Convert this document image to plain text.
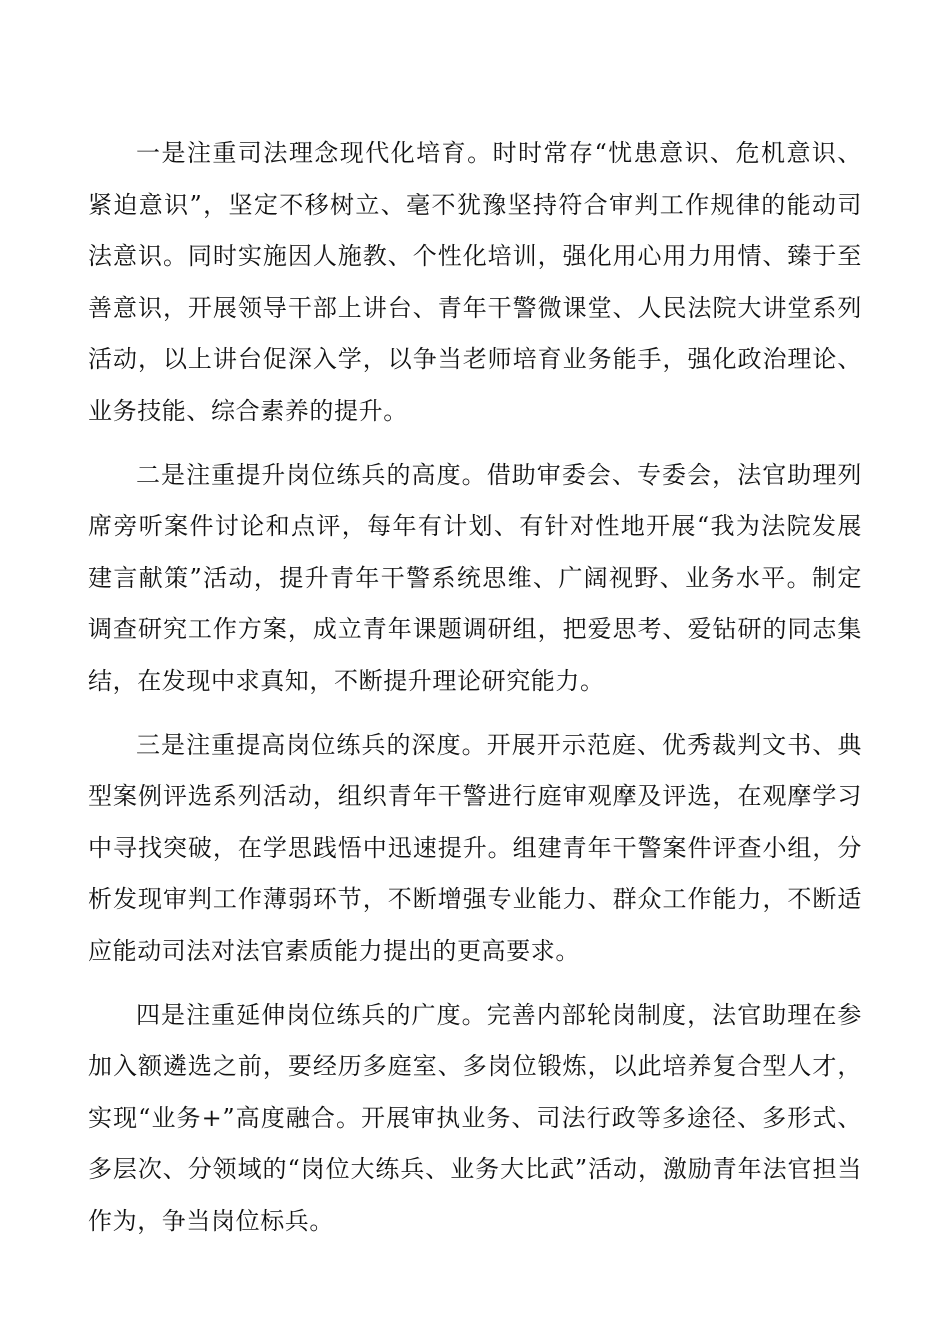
一是注重司法理念现代化培育。时时常存“忧患意识、危机意识、紧迫意识”，坚定不移树立、毫不犹豫坚持符合审判工作规律的能动司法意识。同时实施因人施教、个性化培训，强化用心用力用情、臻于至善意识，开展领导干部上讲台、青年干警微课堂、人民法院大讲堂系列活动，以上讲台促深入学，以争当老师培育业务能手，强化政治理论、业务技能、综合素养的提升。

二是注重提升岗位练兵的高度。借助审委会、专委会，法官助理列席旁听案件讨论和点评，每年有计划、有针对性地开展“我为法院发展建言献策”活动，提升青年干警系统思维、广阔视野、业务水平。制定调查研究工作方案，成立青年课题调研组，把爱思考、爱钻研的同志集结，在发现中求真知，不断提升理论研究能力。

三是注重提高岗位练兵的深度。开展开示范庭、优秀裁判文书、典型案例评选系列活动，组织青年干警进行庭审观摩及评选，在观摩学习中寻找突破，在学思践悟中迅速提升。组建青年干警案件评查小组，分析发现审判工作薄弱环节，不断增强专业能力、群众工作能力，不断适应能动司法对法官素质能力提出的更高要求。

四是注重延伸岗位练兵的广度。完善内部轮岗制度，法官助理在参加入额遴选之前，要经历多庭室、多岗位锻炼，以此培养复合型人才，实现“业务+”高度融合。开展审执业务、司法行政等多途径、多形式、多层次、分领域的“岗位大练兵、业务大比武”活动，激励青年法官担当作为，争当岗位标兵。
